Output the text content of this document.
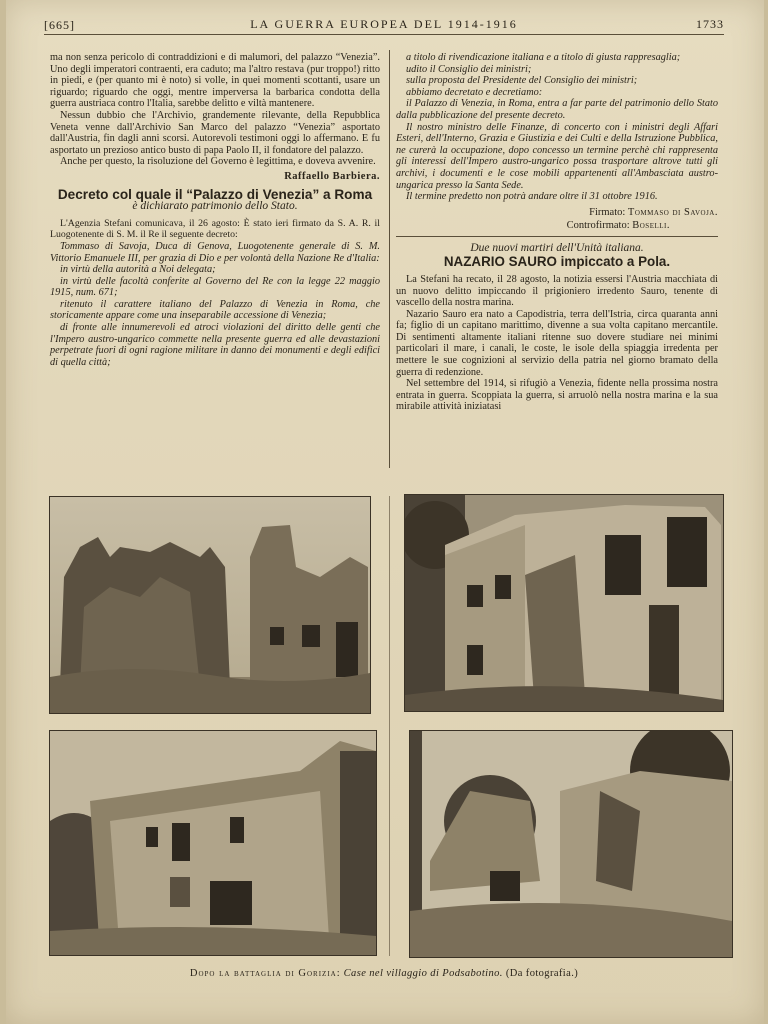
[665]	LA GUERRA EUROPEA DEL 1914-1916	1733

ma non senza pericolo di contraddizioni e di malumori, del palazzo “Venezia”. Uno degli imperatori contraenti, era caduto; ma l'altro restava (pur troppo!) ritto in piedi, e (per quanto mi è noto) si volle, in quei momenti scottanti, usare un riguardo; riguardo che oggi, mentre imperversa la barbarica condotta della guerra austriaca contro l'Italia, sarebbe delitto e viltà mantenere.

Nessun dubbio che l'Archivio, grandemente rilevante, della Repubblica Veneta venne dall'Archivio San Marco del palazzo “Venezia” asportato dall'Austria, fin dagli anni scorsi. Autorevoli testimoni oggi lo affermano. E fu asportato un prezioso antico busto di papa Paolo II, il fondatore del palazzo.

Anche per questo, la risoluzione del Governo è legittima, e doveva avvenire.

Raffaello Barbiera.
Decreto col quale il “Palazzo di Venezia” a Roma
è dichiarato patrimonio dello Stato.

L'Agenzia Stefani comunicava, il 26 agosto: È stato ieri firmato da S. A. R. il Luogotenente di S. M. il Re il seguente decreto:

Tommaso di Savoja, Duca di Genova, Luogotenente generale di S. M. Vittorio Emanuele III, per grazia di Dio e per volontà della Nazione Re d'Italia:

in virtù della autorità a Noi delegata;

in virtù delle facoltà conferite al Governo del Re con la legge 22 maggio 1915, num. 671;

ritenuto il carattere italiano del Palazzo di Venezia in Roma, che storicamente appare come una inseparabile accessione di Venezia;

di fronte alle innumerevoli ed atroci violazioni del diritto delle genti che l'Impero austro-ungarico commette nella presente guerra ed alle devastazioni perpetrate fuori di ogni ragione militare in danno dei monumenti e degli edifici di quella città;

a titolo di rivendicazione italiana e a titolo di giusta rappresaglia;

udito il Consiglio dei ministri;

sulla proposta del Presidente del Consiglio dei ministri;

abbiamo decretato e decretiamo:

il Palazzo di Venezia, in Roma, entra a far parte del patrimonio dello Stato dalla pubblicazione del presente decreto.

Il nostro ministro delle Finanze, di concerto con i ministri degli Affari Esteri, dell'Interno, Grazia e Giustizia e dei Culti e della Istruzione Pubblica, ne curerà la occupazione, dopo concesso un termine perchè chi rappresenta gli interessi dell'Impero austro-ungarico possa trasportare altrove tutti gli archivi, i documenti e le cose mobili appartenenti all'Ambasciata austro-ungarica presso la Santa Sede.

Il termine predetto non potrà andare oltre il 31 ottobre 1916.

Firmato: Tommaso di Savoja.
Controfirmato: Boselli.
Due nuovi martiri dell'Unità italiana.
NAZARIO SAURO impiccato a Pola.

La Stefani ha recato, il 28 agosto, la notizia essersi l'Austria macchiata di un nuovo delitto impiccando il prigioniero irredento Sauro, tenente di vascello della nostra marina.

Nazario Sauro era nato a Capodistria, terra dell'Istria, circa quaranta anni fa; figlio di un capitano marittimo, divenne a sua volta capitano mercantile. Di sentimenti altamente italiani ritenne suo dovere studiare nei minimi particolari il mare, i canali, le coste, le isole della spiaggia irredenta per mettere le sue cognizioni al servizio della patria nel giorno bramato della guerra di redenzione.

Nel settembre del 1914, si rifugiò a Venezia, fidente nella prossima nostra entrata in guerra. Scoppiata la guerra, si arruolò nella nostra marina e la sua mirabile attività iniziatasi

Dopo la battaglia di Gorizia: Case nel villaggio di Podsabotino. (Da fotografia.)
